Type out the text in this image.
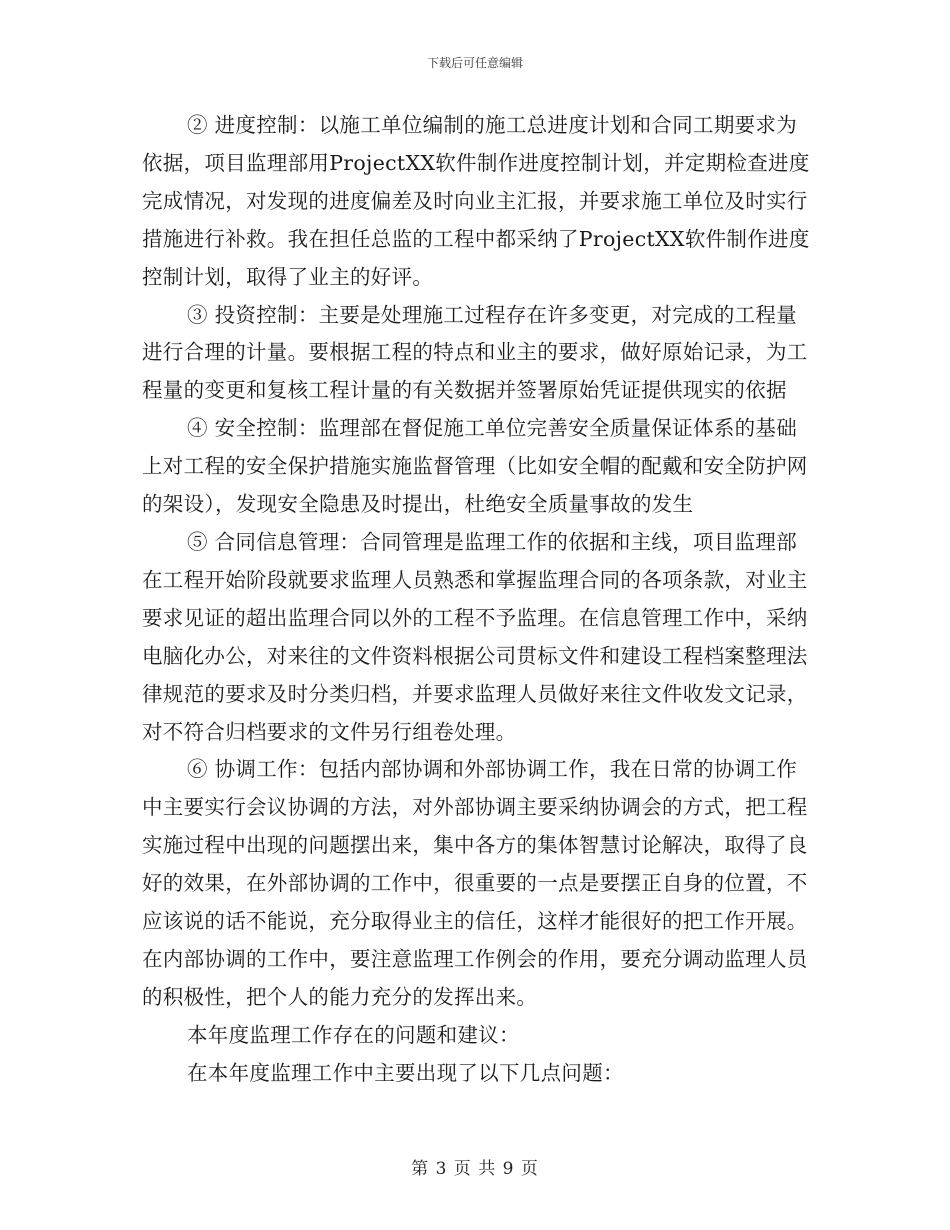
下载后可任意编辑

② 进度控制：以施工单位编制的施工总进度计划和合同工期要求为依据，项目监理部用ProjectXX软件制作进度控制计划，并定期检查进度完成情况，对发现的进度偏差及时向业主汇报，并要求施工单位及时实行措施进行补救。我在担任总监的工程中都采纳了ProjectXX软件制作进度控制计划，取得了业主的好评。

③ 投资控制：主要是处理施工过程存在许多变更，对完成的工程量进行合理的计量。要根据工程的特点和业主的要求，做好原始记录，为工程量的变更和复核工程计量的有关数据并签署原始凭证提供现实的依据

④ 安全控制：监理部在督促施工单位完善安全质量保证体系的基础上对工程的安全保护措施实施监督管理（比如安全帽的配戴和安全防护网的架设），发现安全隐患及时提出，杜绝安全质量事故的发生

⑤ 合同信息管理：合同管理是监理工作的依据和主线，项目监理部在工程开始阶段就要求监理人员熟悉和掌握监理合同的各项条款，对业主要求见证的超出监理合同以外的工程不予监理。在信息管理工作中，采纳电脑化办公，对来往的文件资料根据公司贯标文件和建设工程档案整理法律规范的要求及时分类归档，并要求监理人员做好来往文件收发文记录，对不符合归档要求的文件另行组卷处理。

⑥ 协调工作：包括内部协调和外部协调工作，我在日常的协调工作中主要实行会议协调的方法，对外部协调主要采纳协调会的方式，把工程实施过程中出现的问题摆出来，集中各方的集体智慧讨论解决，取得了良好的效果，在外部协调的工作中，很重要的一点是要摆正自身的位置，不应该说的话不能说，充分取得业主的信任，这样才能很好的把工作开展。在内部协调的工作中，要注意监理工作例会的作用，要充分调动监理人员的积极性，把个人的能力充分的发挥出来。

本年度监理工作存在的问题和建议：

在本年度监理工作中主要出现了以下几点问题：

第 3 页 共 9 页
